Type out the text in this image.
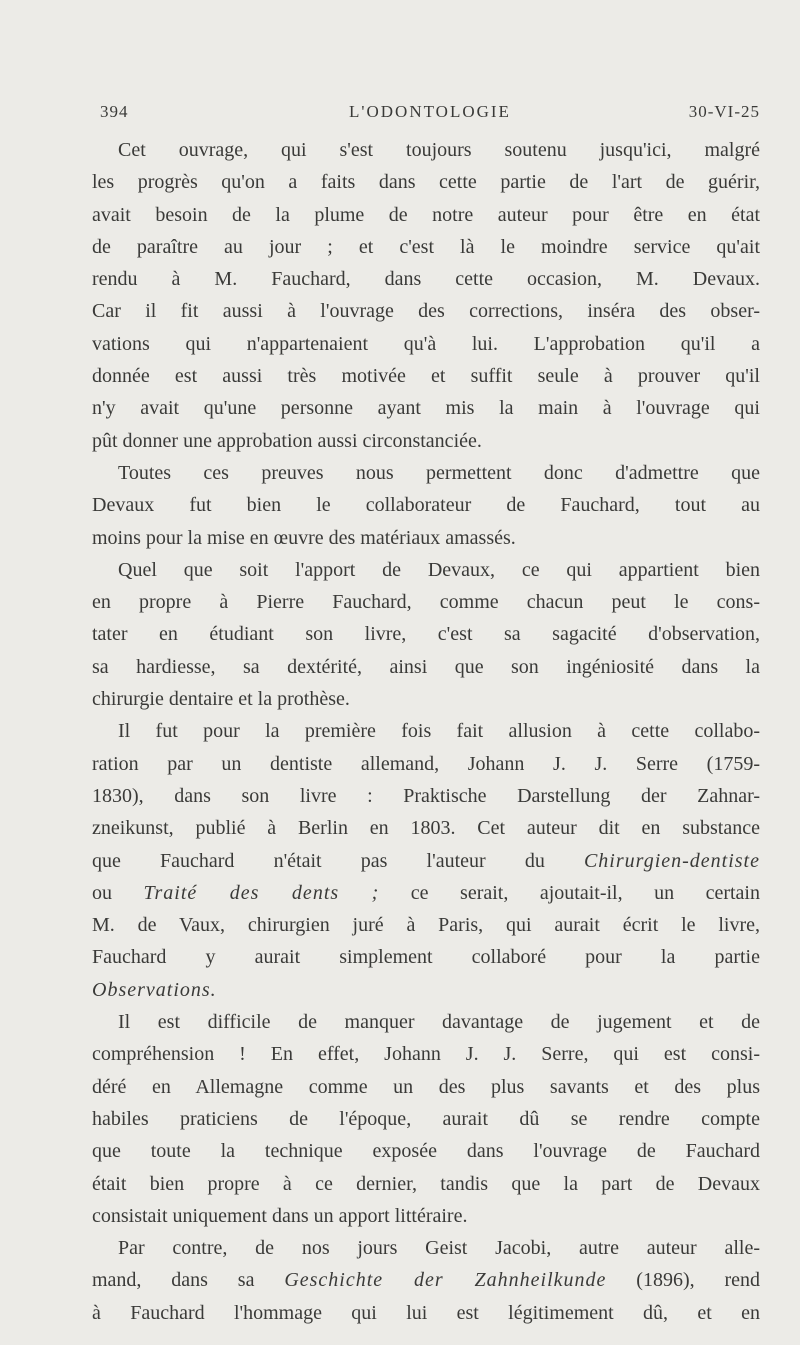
394	L'ODONTOLOGIE	30-VI-25
Cet ouvrage, qui s'est toujours soutenu jusqu'ici, malgré
les progrès qu'on a faits dans cette partie de l'art de guérir,
avait besoin de la plume de notre auteur pour être en état
de paraître au jour ; et c'est là le moindre service qu'ait
rendu à M. Fauchard, dans cette occasion, M. Devaux.
Car il fit aussi à l'ouvrage des corrections, inséra des obser-
vations qui n'appartenaient qu'à lui. L'approbation qu'il a
donnée est aussi très motivée et suffit seule à prouver qu'il
n'y avait qu'une personne ayant mis la main à l'ouvrage qui
pût donner une approbation aussi circonstanciée.
Toutes ces preuves nous permettent donc d'admettre que
Devaux fut bien le collaborateur de Fauchard, tout au
moins pour la mise en œuvre des matériaux amassés.
Quel que soit l'apport de Devaux, ce qui appartient bien
en propre à Pierre Fauchard, comme chacun peut le cons-
tater en étudiant son livre, c'est sa sagacité d'observation,
sa hardiesse, sa dextérité, ainsi que son ingéniosité dans la
chirurgie dentaire et la prothèse.
Il fut pour la première fois fait allusion à cette collabo-
ration par un dentiste allemand, Johann J. J. Serre (1759-
1830), dans son livre : Praktische Darstellung der Zahnar-
zneikunst, publié à Berlin en 1803. Cet auteur dit en substance
que Fauchard n'était pas l'auteur du Chirurgien-dentiste
ou Traité des dents ; ce serait, ajoutait-il, un certain
M. de Vaux, chirurgien juré à Paris, qui aurait écrit le livre,
Fauchard y aurait simplement collaboré pour la partie
Observations.
Il est difficile de manquer davantage de jugement et de
compréhension ! En effet, Johann J. J. Serre, qui est consi-
déré en Allemagne comme un des plus savants et des plus
habiles praticiens de l'époque, aurait dû se rendre compte
que toute la technique exposée dans l'ouvrage de Fauchard
était bien propre à ce dernier, tandis que la part de Devaux
consistait uniquement dans un apport littéraire.
Par contre, de nos jours Geist Jacobi, autre auteur alle-
mand, dans sa Geschichte der Zahnheilkunde (1896), rend
à Fauchard l'hommage qui lui est légitimement dû, et en
